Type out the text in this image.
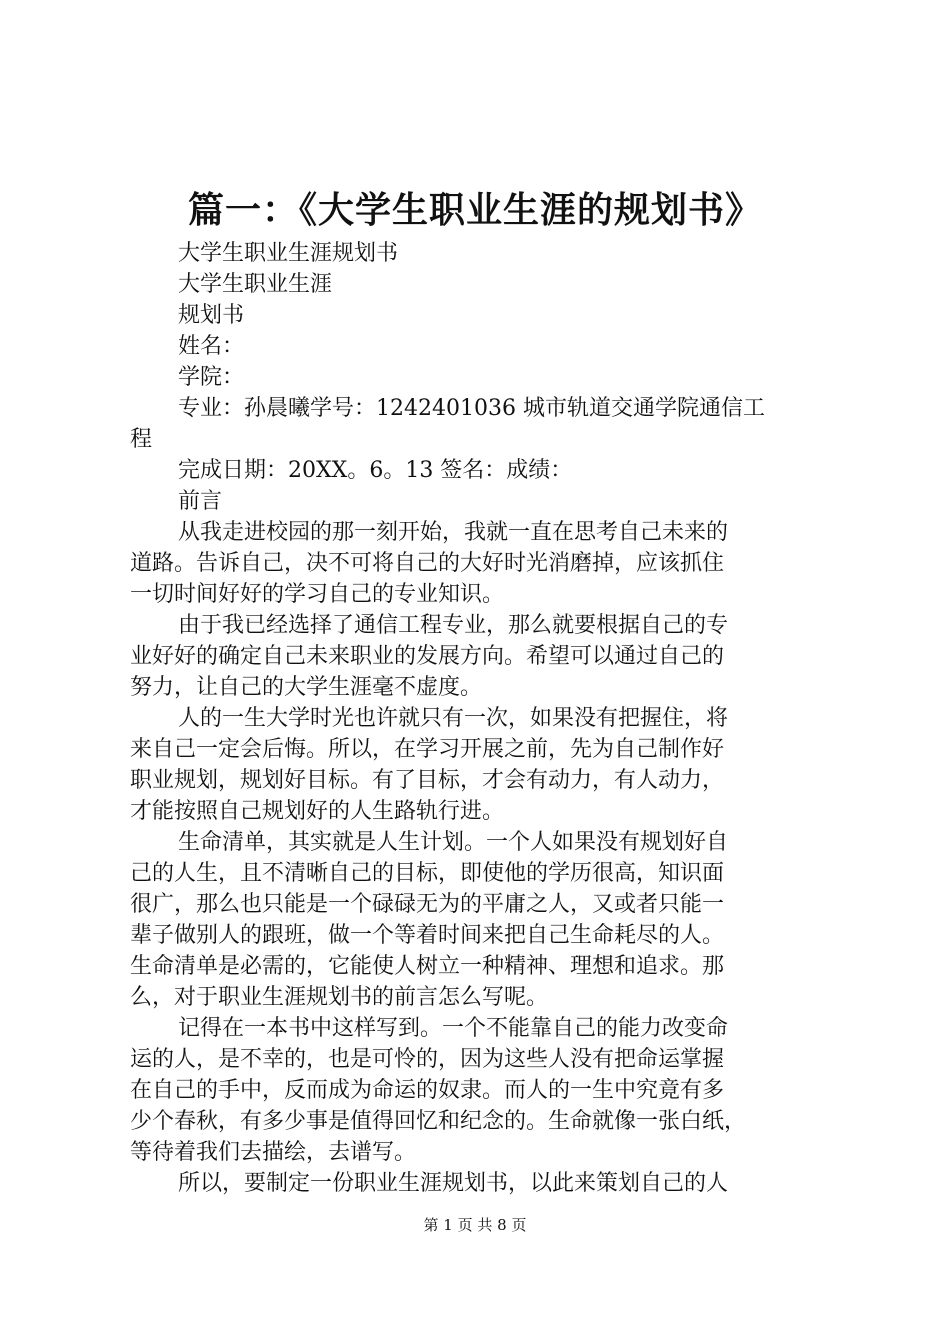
篇一：《大学生职业生涯的规划书》
大学生职业生涯规划书
大学生职业生涯
规划书
姓名：
学院：
专业：孙晨曦学号：1242401036 城市轨道交通学院通信工
程
完成日期：20XX。6。13 签名：成绩：
前言
从我走进校园的那一刻开始，我就一直在思考自己未来的
道路。告诉自己，决不可将自己的大好时光消磨掉，应该抓住
一切时间好好的学习自己的专业知识。
由于我已经选择了通信工程专业，那么就要根据自己的专
业好好的确定自己未来职业的发展方向。希望可以通过自己的
努力，让自己的大学生涯毫不虚度。
人的一生大学时光也许就只有一次，如果没有把握住，将
来自己一定会后悔。所以，在学习开展之前，先为自己制作好
职业规划，规划好目标。有了目标，才会有动力，有人动力，
才能按照自己规划好的人生路轨行进。
生命清单，其实就是人生计划。一个人如果没有规划好自
己的人生，且不清晰自己的目标，即使他的学历很高，知识面
很广，那么也只能是一个碌碌无为的平庸之人，又或者只能一
辈子做别人的跟班，做一个等着时间来把自己生命耗尽的人。
生命清单是必需的，它能使人树立一种精神、理想和追求。那
么，对于职业生涯规划书的前言怎么写呢。
记得在一本书中这样写到。一个不能靠自己的能力改变命
运的人，是不幸的，也是可怜的，因为这些人没有把命运掌握
在自己的手中，反而成为命运的奴隶。而人的一生中究竟有多
少个春秋，有多少事是值得回忆和纪念的。生命就像一张白纸，
等待着我们去描绘，去谱写。
所以，要制定一份职业生涯规划书，以此来策划自己的人
第 1 页 共 8 页
